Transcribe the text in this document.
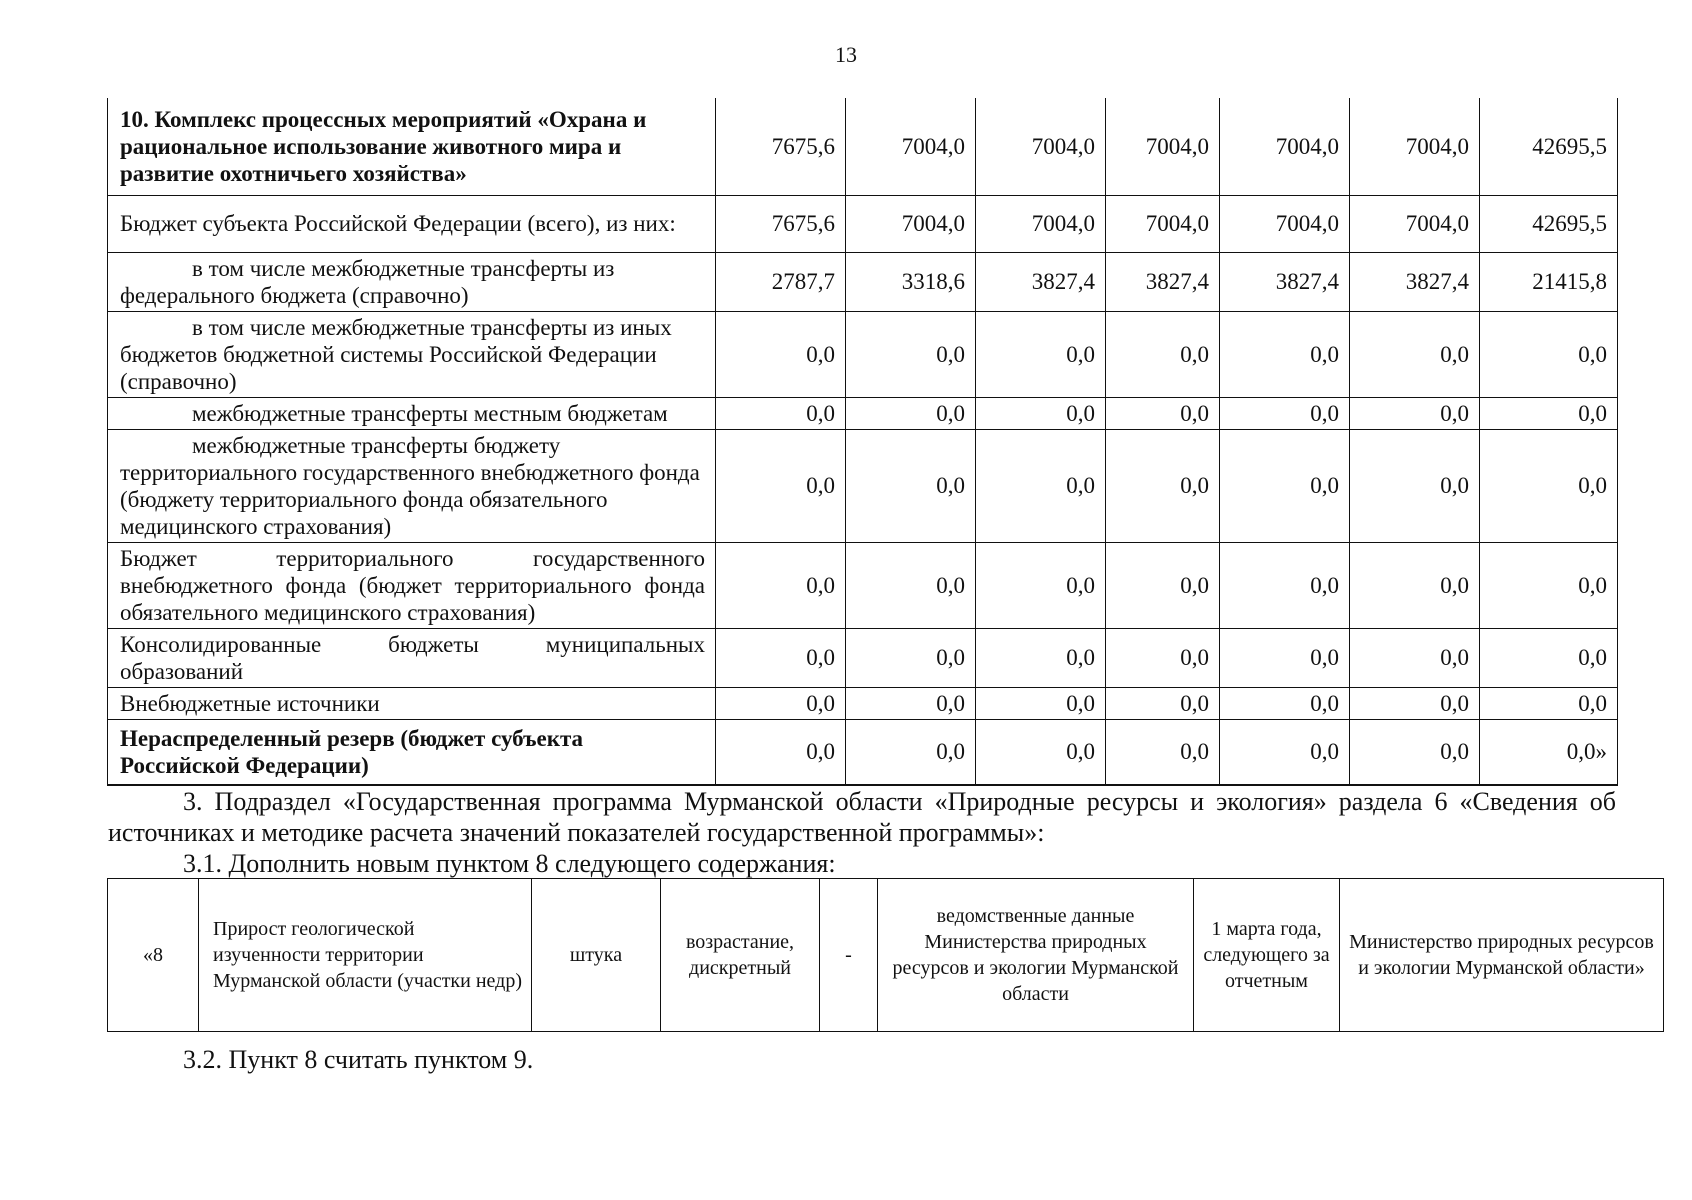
13
10. Комплекс процессных мероприятий «Охрана и рациональное использование животного мира и развитие охотничьего хозяйства»	7675,6	7004,0	7004,0	7004,0	7004,0	7004,0	42695,5
Бюджет субъекта Российской Федерации (всего), из них:	7675,6	7004,0	7004,0	7004,0	7004,0	7004,0	42695,5
в том числе межбюджетные трансферты из федерального бюджета (справочно)	2787,7	3318,6	3827,4	3827,4	3827,4	3827,4	21415,8
в том числе межбюджетные трансферты из иных бюджетов бюджетной системы Российской Федерации (справочно)	0,0	0,0	0,0	0,0	0,0	0,0	0,0
межбюджетные трансферты местным бюджетам	0,0	0,0	0,0	0,0	0,0	0,0	0,0
межбюджетные трансферты бюджету территориального государственного внебюджетного фонда (бюджету территориального фонда обязательного медицинского страхования)	0,0	0,0	0,0	0,0	0,0	0,0	0,0
Бюджет территориального государственного внебюджетного фонда (бюджет территориального фонда обязательного медицинского страхования)	0,0	0,0	0,0	0,0	0,0	0,0	0,0
Консолидированные бюджеты муниципальных образований	0,0	0,0	0,0	0,0	0,0	0,0	0,0
Внебюджетные источники	0,0	0,0	0,0	0,0	0,0	0,0	0,0
Нераспределенный резерв (бюджет субъекта Российской Федерации)	0,0	0,0	0,0	0,0	0,0	0,0	0,0»

3. Подраздел «Государственная программа Мурманской области «Природные ресурсы и экология» раздела 6 «Сведения об источниках и методике расчета значений показателей государственной программы»:

3.1. Дополнить новым пунктом 8 следующего содержания:

«8	Прирост геологической изученности территории Мурманской области (участки недр)	штука	возрастание, дискретный	-	ведомственные данные Министерства природных ресурсов и экологии Мурманской области	1 марта года, следующего за отчетным	Министерство природных ресурсов и экологии Мурманской области»

3.2. Пункт 8 считать пунктом 9.
